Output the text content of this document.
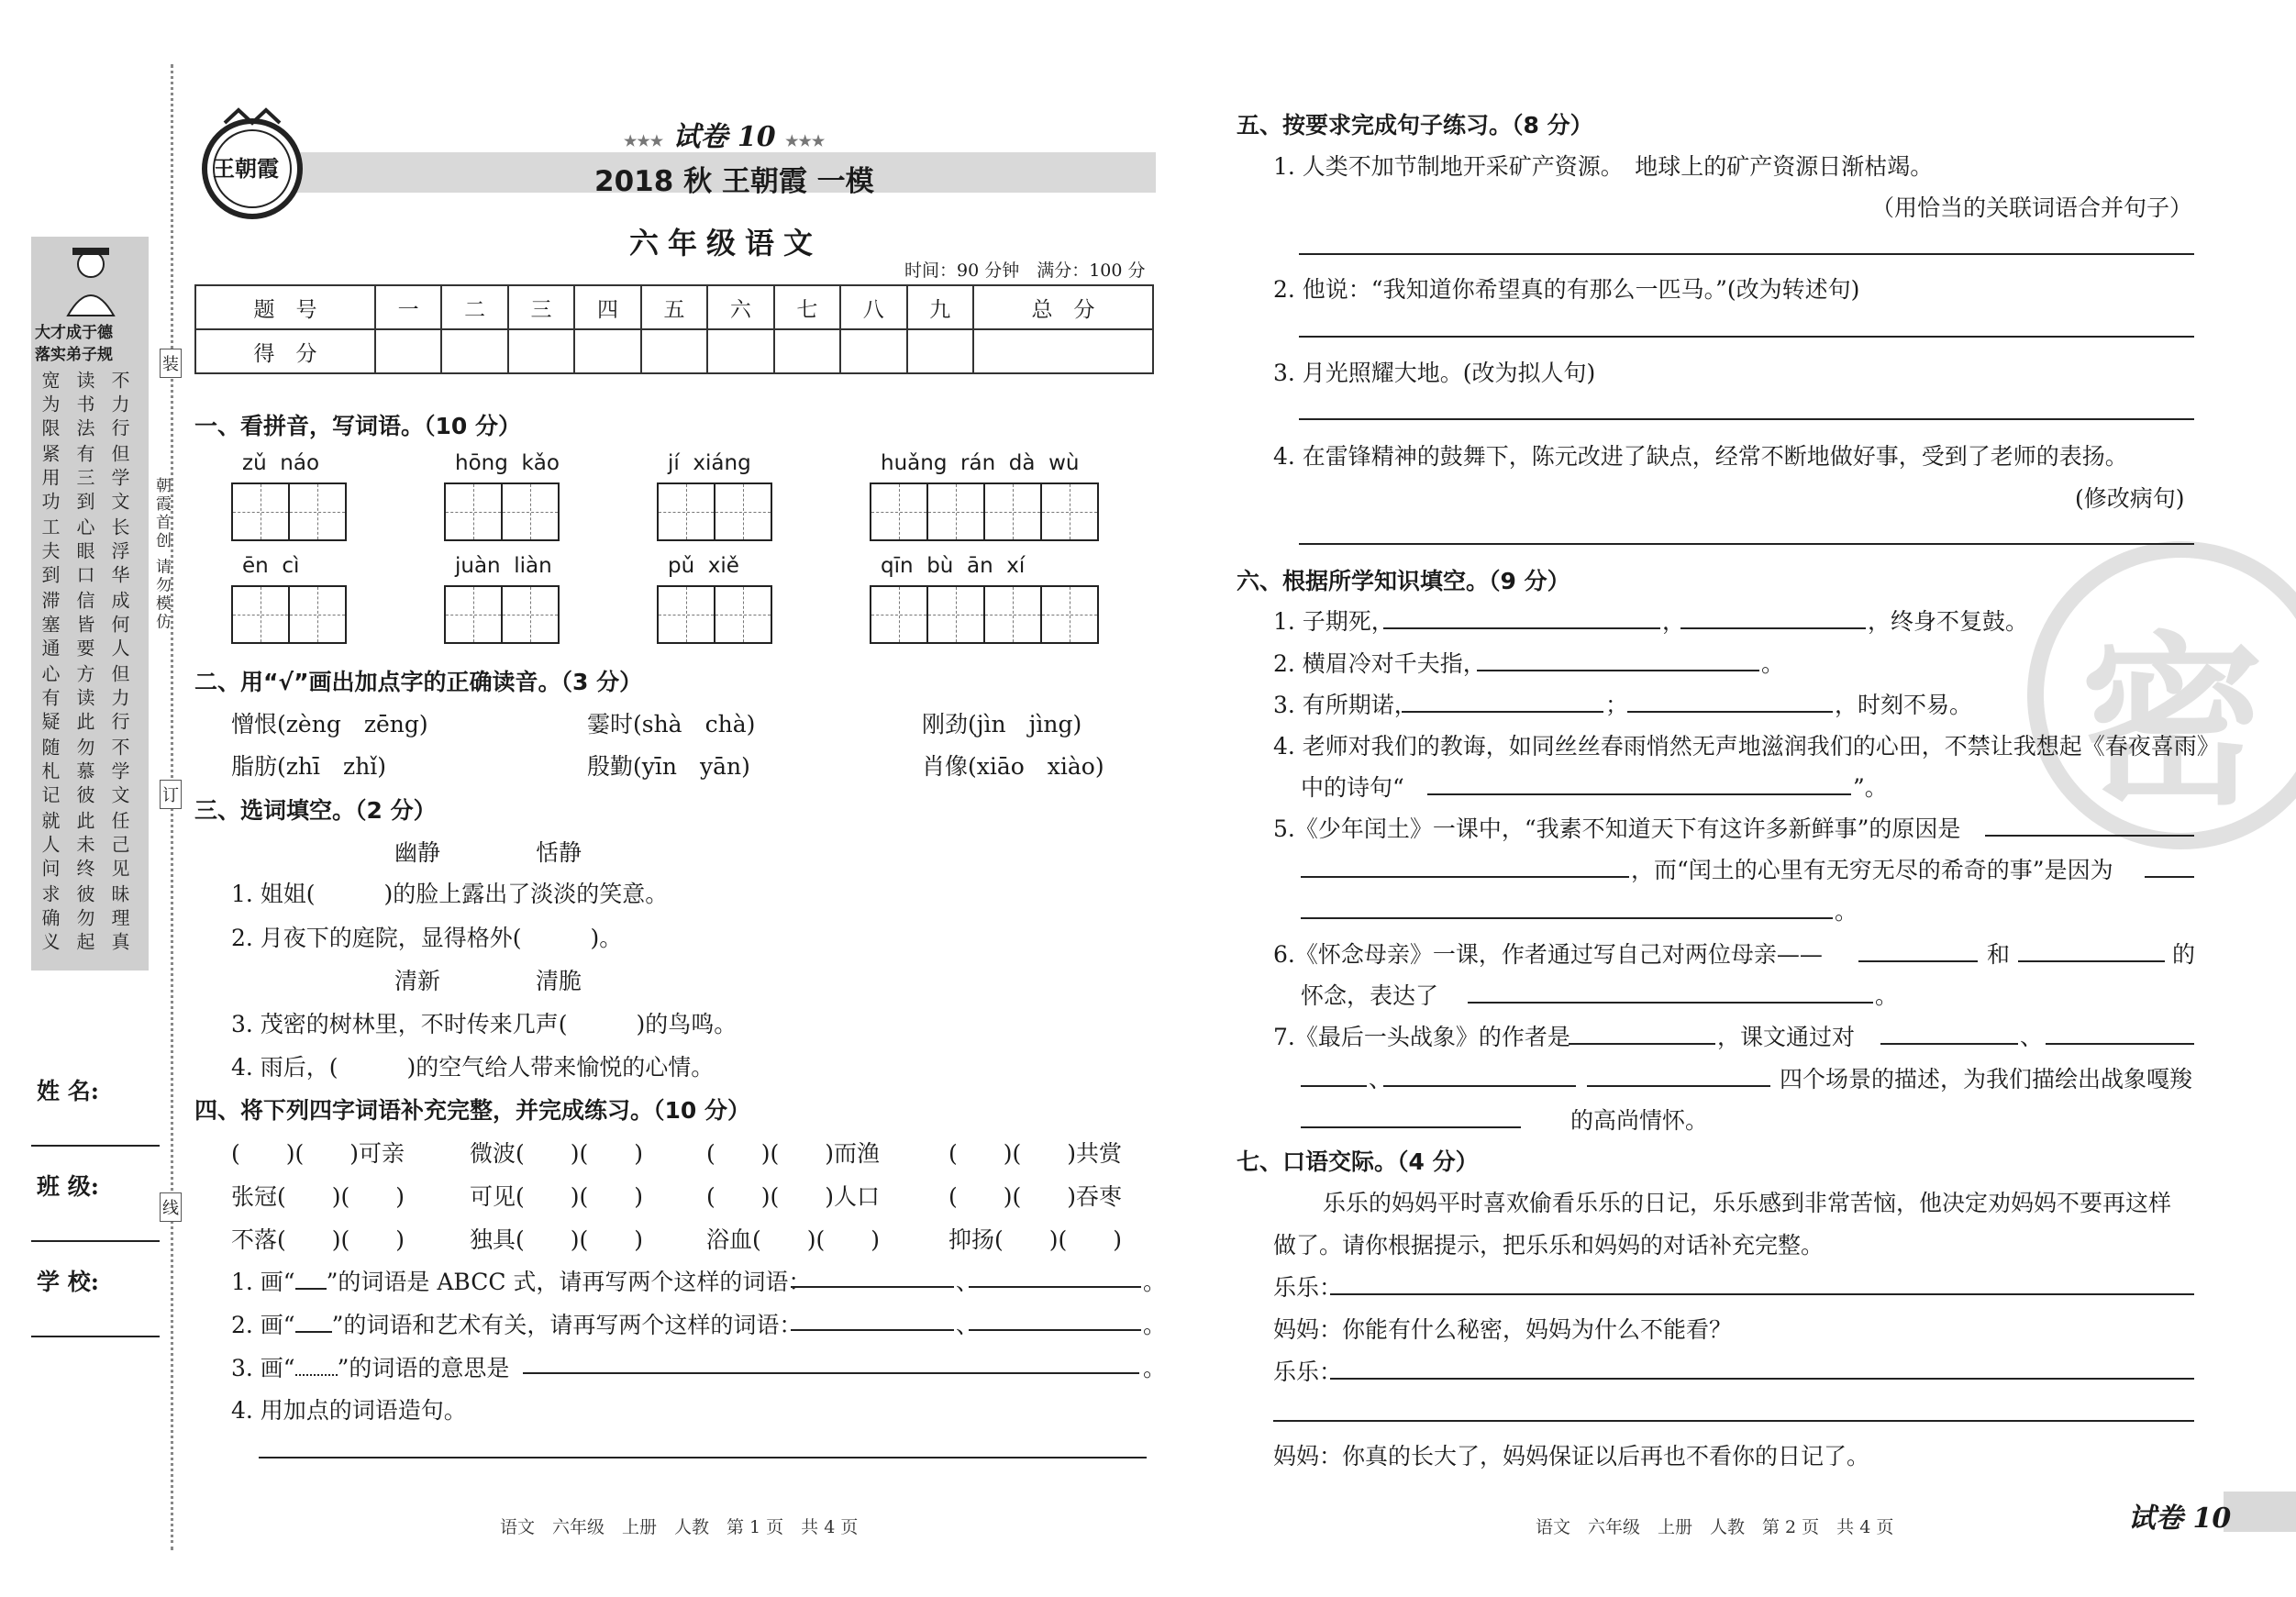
装
订
线
朝霞首创 请勿模仿
大才成于德
落实弟子规
宽为限 读书法 不力行
紧用功 有三到 但学文
工夫到 心眼口 长浮华
滞塞通 信皆要 成何人
心有疑 方读此 但力行
随札记 勿慕彼 不学文
就人问 此未终 任己见
求确义 彼勿起 昧理真
姓 名:
班 级:
学 校:
王朝霞
★★★ 试卷 10 ★★★
2018 秋 王朝霞 一模
六年级语文
时间：90 分钟　满分：100 分
题　号	一	二	三	四	五	六	七	八	九	总　分
得　分										
一、看拼音，写词语。（10 分）
zǔ  náo	hōng  kǎo	jí  xiáng	huǎng  rán  dà  wù
ēn  cì	juàn  liàn	pǔ  xiě	qīn  bù  ān  xí
二、用“√”画出加点字的正确读音。（3 分）
憎恨(zèng　zēng)	霎时(shà　chà)	刚劲(jìn　jìng)
脂肪(zhī　zhǐ)	殷勤(yīn　yān)	肖像(xiāo　xiào)
三、选词填空。（2 分）
幽静	恬静
1. 姐姐(　　　)的脸上露出了淡淡的笑意。
2. 月夜下的庭院，显得格外(　　　)。
清新	清脆
3. 茂密的树林里，不时传来几声(　　　)的鸟鸣。
4. 雨后，(　　　)的空气给人带来愉悦的心情。
四、将下列四字词语补充完整，并完成练习。（10 分）
(　　)(　　)可亲	微波(　　)(　　)	(　　)(　　)而渔	(　　)(　　)共赏
张冠(　　)(　　)	可见(　　)(　　)	(　　)(　　)人口	(　　)(　　)吞枣
不落(　　)(　　)	独具(　　)(　　)	浴血(　　)(　　)	抑扬(　　)(　　)
1. 画“ ”的词语是 ABCC 式，请再写两个这样的词语：	、	。
2. 画“ ”的词语和艺术有关，请再写两个这样的词语：	、	。
3. 画“ ”的词语的意思是	。
4. 用加点的词语造句。
语文　六年级　上册　人教　第 1 页　共 4 页
密
五、按要求完成句子练习。（8 分）
1. 人类不加节制地开采矿产资源。　地球上的矿产资源日渐枯竭。
（用恰当的关联词语合并句子）
2. 他说：“我知道你希望真的有那么一匹马。”(改为转述句)
3. 月光照耀大地。(改为拟人句)
4. 在雷锋精神的鼓舞下，陈元改进了缺点，经常不断地做好事，受到了老师的表扬。
(修改病句)
六、根据所学知识填空。（9 分）
1. 子期死，	，	，终身不复鼓。
2. 横眉冷对千夫指，	。
3. 有所期诺，	；	，时刻不易。
4. 老师对我们的教诲，如同丝丝春雨悄然无声地滋润我们的心田，不禁让我想起《春夜喜雨》
中的诗句“	”。
5.《少年闰土》一课中，“我素不知道天下有这许多新鲜事”的原因是
，而“闰土的心里有无穷无尽的希奇的事”是因为
。
6.《怀念母亲》一课，作者通过写自己对两位母亲——	和	的
怀念，表达了	。
7.《最后一头战象》的作者是	，课文通过对	、
、	四个场景的描述，为我们描绘出战象嘎羧
的高尚情怀。
七、口语交际。（4 分）
乐乐的妈妈平时喜欢偷看乐乐的日记，乐乐感到非常苦恼，他决定劝妈妈不要再这样
做了。请你根据提示，把乐乐和妈妈的对话补充完整。
乐乐：
妈妈：你能有什么秘密，妈妈为什么不能看？
乐乐：
妈妈：你真的长大了，妈妈保证以后再也不看你的日记了。
语文　六年级　上册　人教　第 2 页　共 4 页	试卷 10
